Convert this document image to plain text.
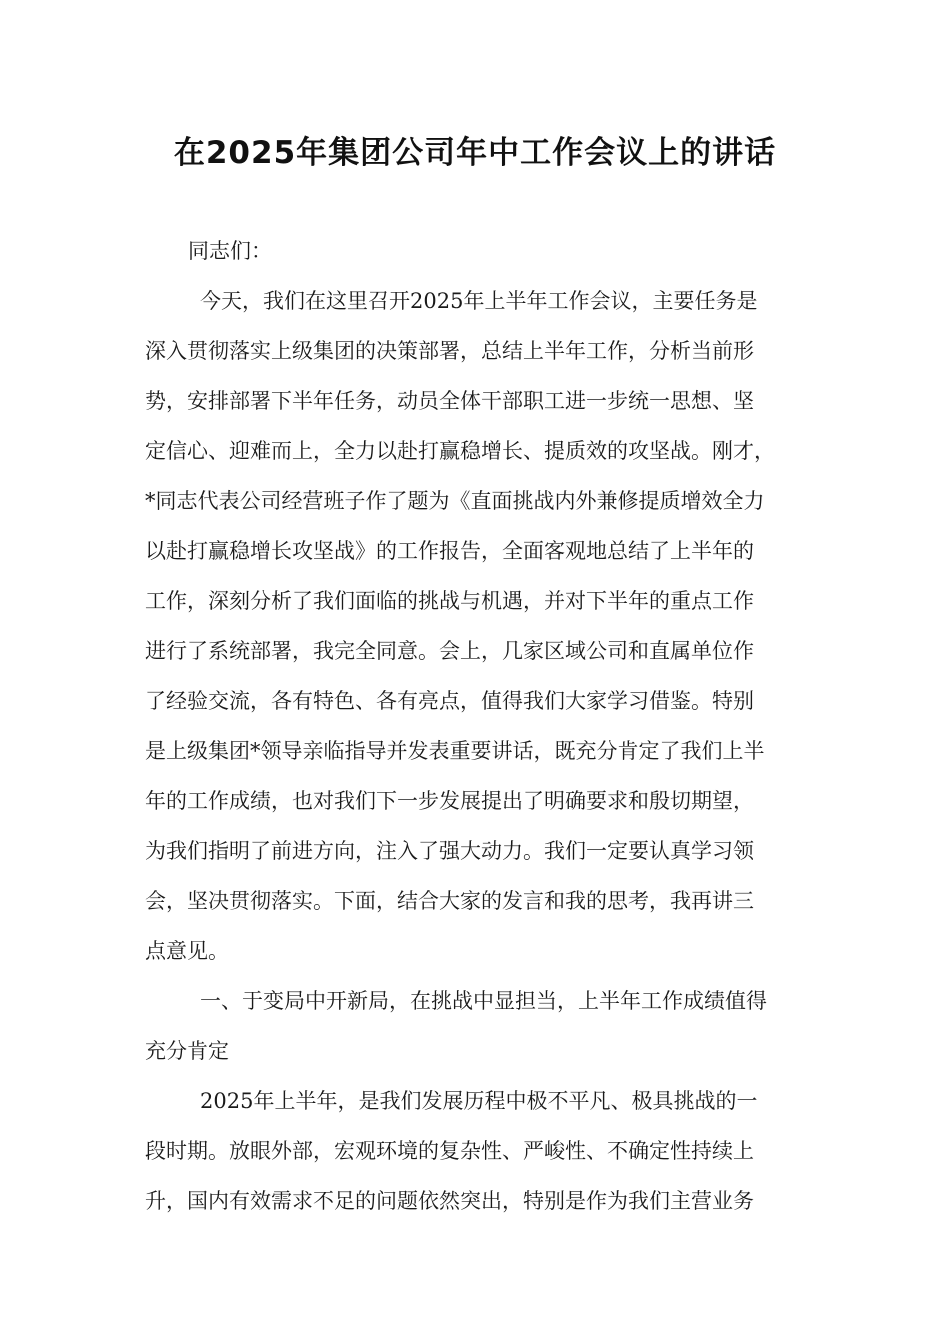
在2025年集团公司年中工作会议上的讲话
同志们：
今天，我们在这里召开2025年上半年工作会议，主要任务是
深入贯彻落实上级集团的决策部署，总结上半年工作，分析当前形
势，安排部署下半年任务，动员全体干部职工进一步统一思想、坚
定信心、迎难而上，全力以赴打赢稳增长、提质效的攻坚战。刚才，
*同志代表公司经营班子作了题为《直面挑战内外兼修提质增效全力
以赴打赢稳增长攻坚战》的工作报告，全面客观地总结了上半年的
工作，深刻分析了我们面临的挑战与机遇，并对下半年的重点工作
进行了系统部署，我完全同意。会上，几家区域公司和直属单位作
了经验交流，各有特色、各有亮点，值得我们大家学习借鉴。特别
是上级集团*领导亲临指导并发表重要讲话，既充分肯定了我们上半
年的工作成绩，也对我们下一步发展提出了明确要求和殷切期望，
为我们指明了前进方向，注入了强大动力。我们一定要认真学习领
会，坚决贯彻落实。下面，结合大家的发言和我的思考，我再讲三
点意见。
一、于变局中开新局，在挑战中显担当，上半年工作成绩值得
充分肯定
2025年上半年，是我们发展历程中极不平凡、极具挑战的一
段时期。放眼外部，宏观环境的复杂性、严峻性、不确定性持续上
升，国内有效需求不足的问题依然突出，特别是作为我们主营业务
